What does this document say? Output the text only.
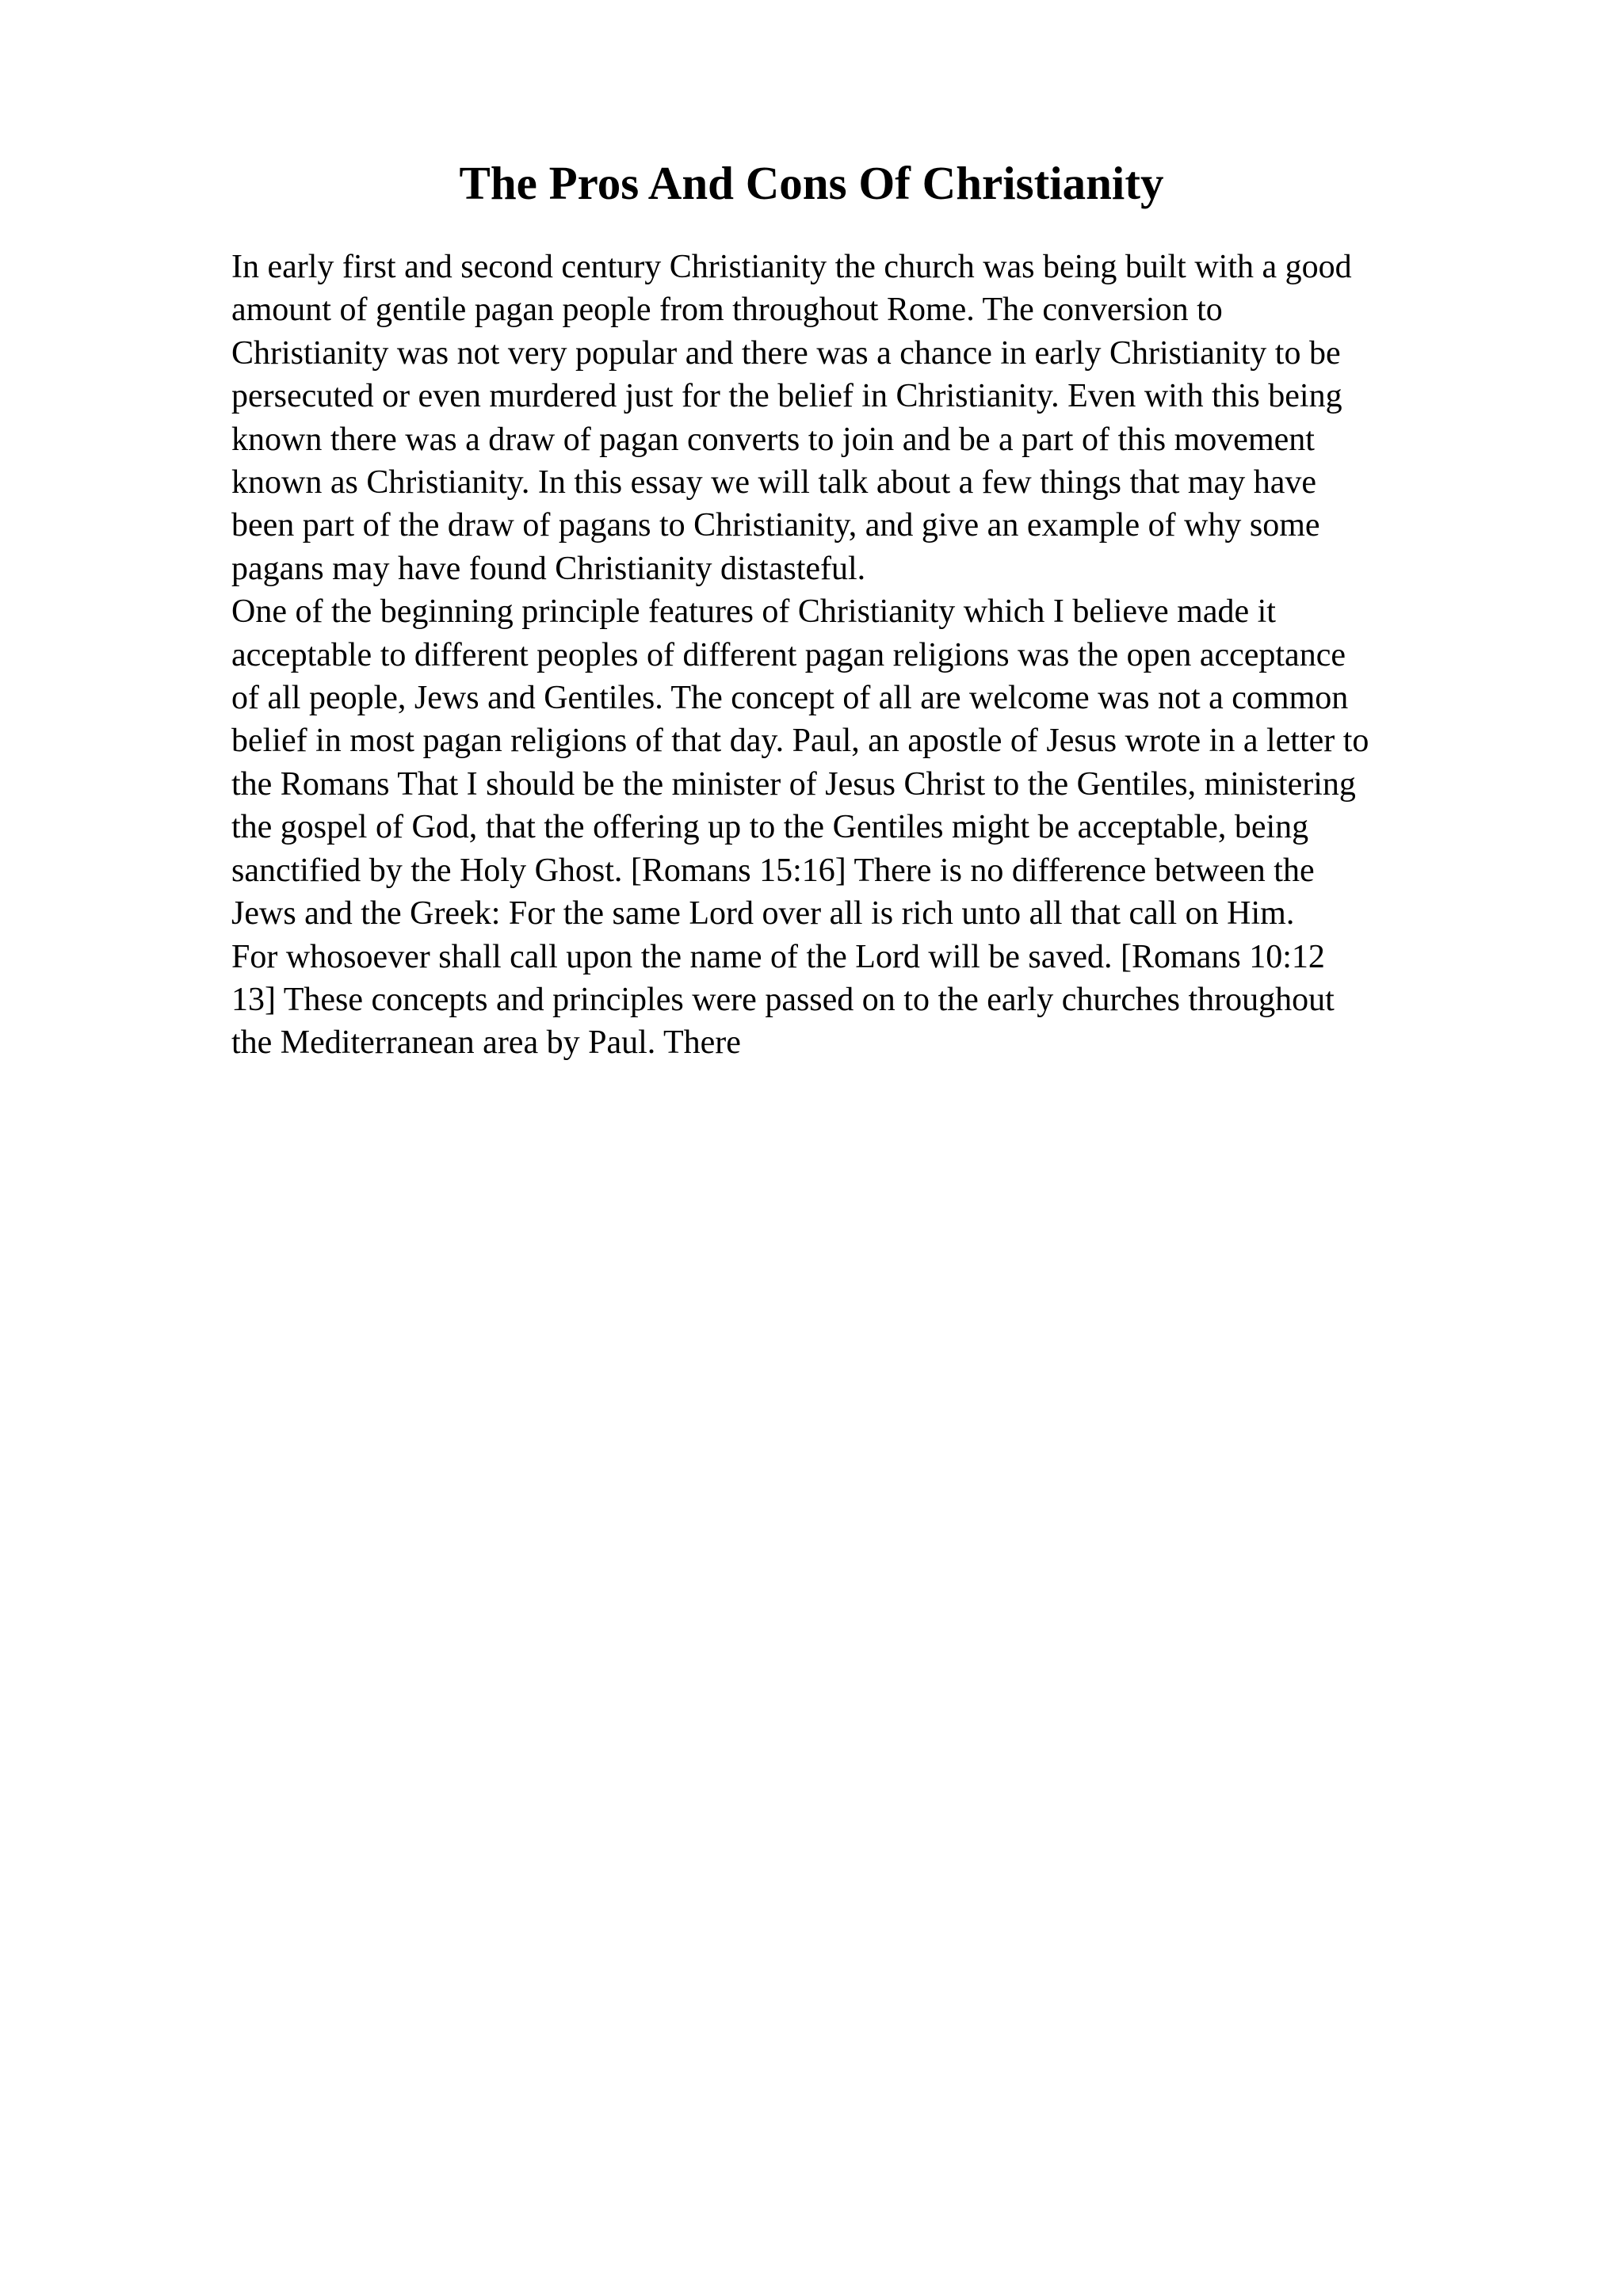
The Pros And Cons Of Christianity
In early first and second century Christianity the church was being built with a good
amount of gentile pagan people from throughout Rome. The conversion to
Christianity was not very popular and there was a chance in early Christianity to be
persecuted or even murdered just for the belief in Christianity. Even with this being
known there was a draw of pagan converts to join and be a part of this movement
known as Christianity. In this essay we will talk about a few things that may have
been part of the draw of pagans to Christianity, and give an example of why some
pagans may have found Christianity distasteful.
One of the beginning principle features of Christianity which I believe made it
acceptable to different peoples of different pagan religions was the open acceptance
of all people, Jews and Gentiles. The concept of all are welcome was not a common
belief in most pagan religions of that day. Paul, an apostle of Jesus wrote in a letter to
the Romans That I should be the minister of Jesus Christ to the Gentiles, ministering
the gospel of God, that the offering up to the Gentiles might be acceptable, being
sanctified by the Holy Ghost. [Romans 15:16] There is no difference between the
Jews and the Greek: For the same Lord over all is rich unto all that call on Him.
For whosoever shall call upon the name of the Lord will be saved. [Romans 10:12
13] These concepts and principles were passed on to the early churches throughout
the Mediterranean area by Paul. There
